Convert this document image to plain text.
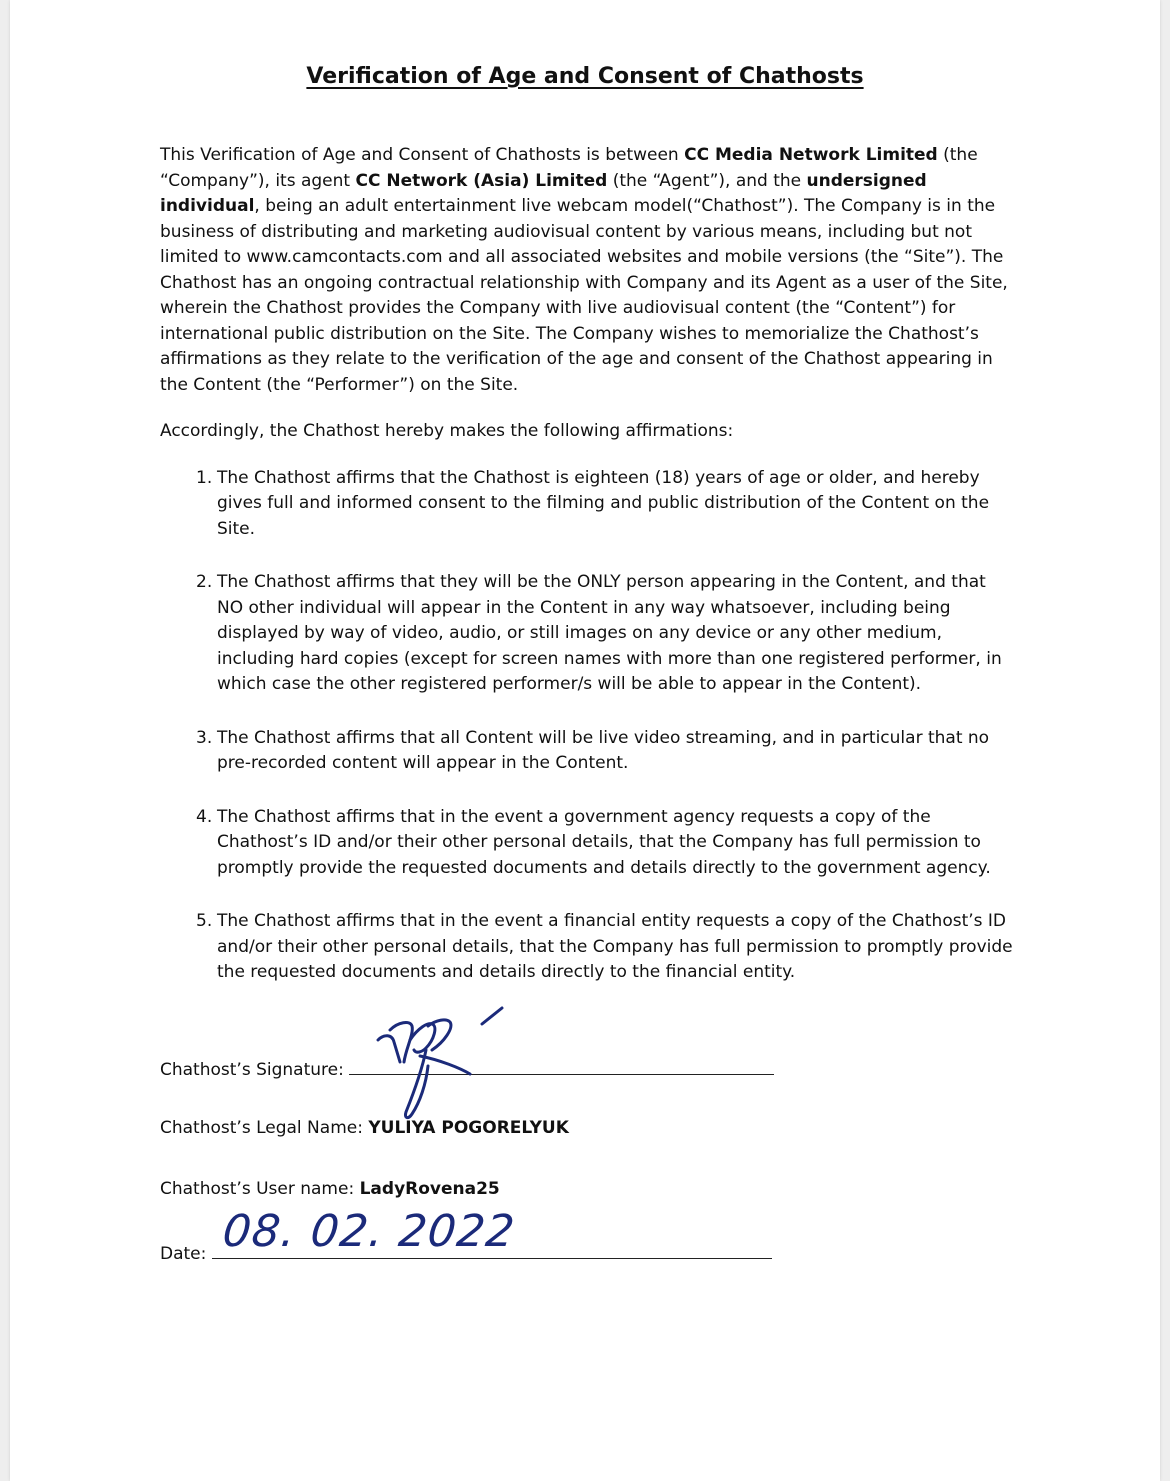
Verification of Age and Consent of Chathosts

This Verification of Age and Consent of Chathosts is between CC Media Network Limited (the “Company”), its agent CC Network (Asia) Limited (the “Agent”), and the undersigned individual, being an adult entertainment live webcam model(“Chathost”). The Company is in the business of distributing and marketing audiovisual content by various means, including but not limited to www.camcontacts.com and all associated websites and mobile versions (the “Site”). The Chathost has an ongoing contractual relationship with Company and its Agent as a user of the Site, wherein the Chathost provides the Company with live audiovisual content (the “Content”) for international public distribution on the Site. The Company wishes to memorialize the Chathost’s affirmations as they relate to the verification of the age and consent of the Chathost appearing in the Content (the “Performer”) on the Site.

Accordingly, the Chathost hereby makes the following affirmations:

1. The Chathost affirms that the Chathost is eighteen (18) years of age or older, and hereby gives full and informed consent to the filming and public distribution of the Content on the Site.
2. The Chathost affirms that they will be the ONLY person appearing in the Content, and that NO other individual will appear in the Content in any way whatsoever, including being displayed by way of video, audio, or still images on any device or any other medium, including hard copies (except for screen names with more than one registered performer, in which case the other registered performer/s will be able to appear in the Content).
3. The Chathost affirms that all Content will be live video streaming, and in particular that no pre-recorded content will appear in the Content.
4. The Chathost affirms that in the event a government agency requests a copy of the Chathost’s ID and/or their other personal details, that the Company has full permission to promptly provide the requested documents and details directly to the government agency.
5. The Chathost affirms that in the event a financial entity requests a copy of the Chathost’s ID and/or their other personal details, that the Company has full permission to promptly provide the requested documents and details directly to the financial entity.
Chathost’s Signature:
Chathost’s Legal Name: YULIYA POGORELYUK
Chathost’s User name: LadyRovena25
Date: 08. 02. 2022
